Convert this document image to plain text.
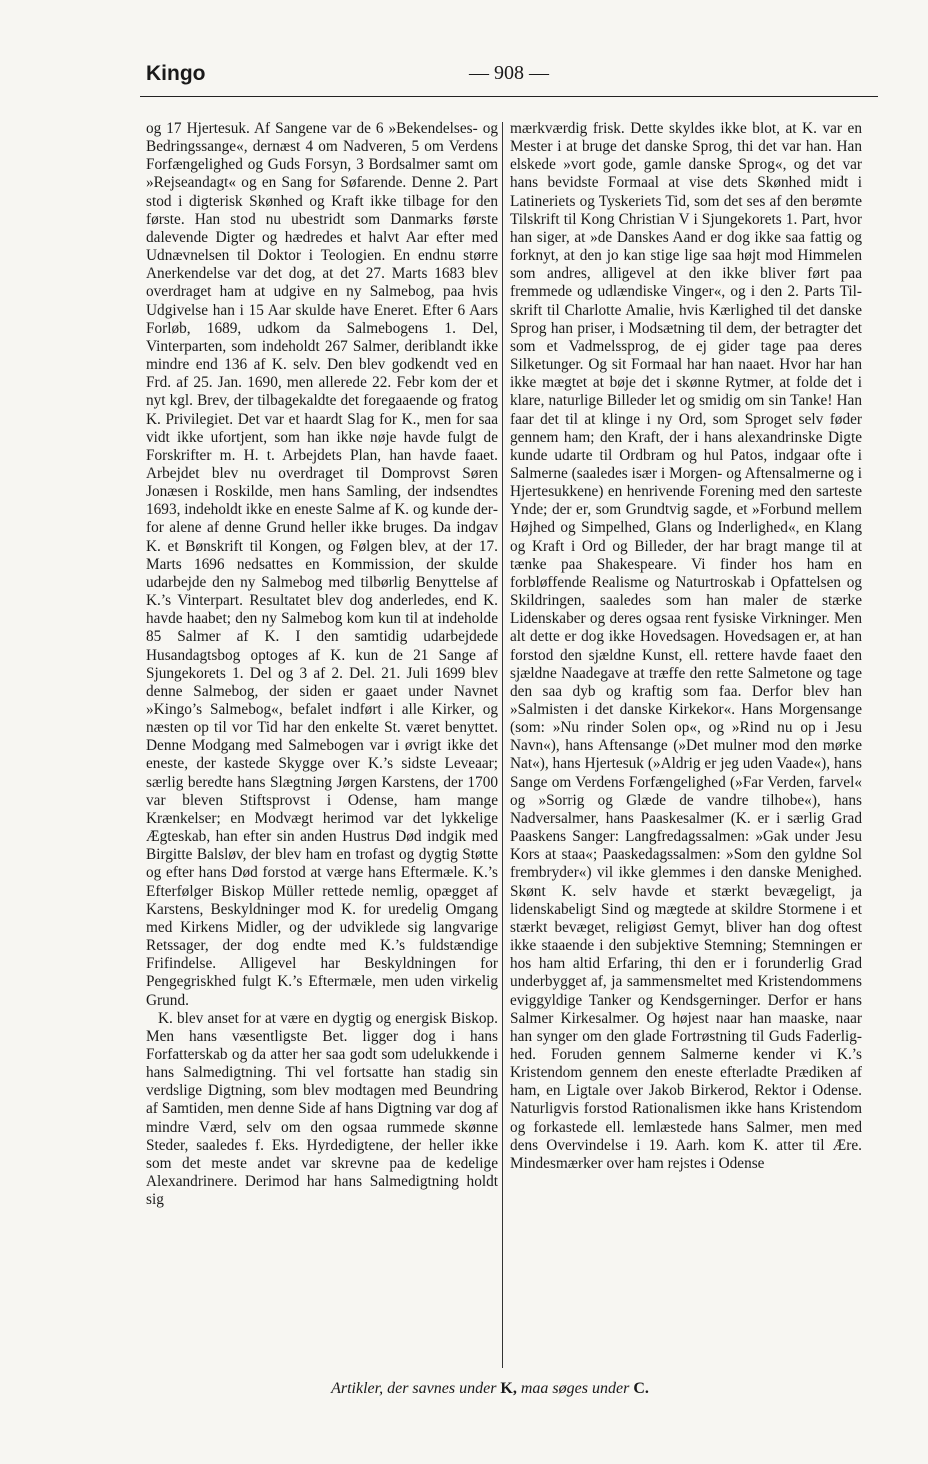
Kingo	— 908 —

og 17 Hjertesuk. Af Sangene var de 6 »Bekendelses- og Bedringssange«, dernæst 4 om Nadveren, 5 om Verdens Forfængelighed og Guds Forsyn, 3 Bordsalmer samt om »Rejseandagt« og en Sang for Søfarende. Denne 2. Part stod i digterisk Skønhed og Kraft ikke tilbage for den første. Han stod nu ubestridt som Danmarks første dalevende Digter og hædredes et halvt Aar efter med Udnævnelsen til Doktor i Teologien. En endnu større Anerkendelse var det dog, at det 27. Marts 1683 blev overdraget ham at udgive en ny Salmebog, paa hvis Udgivelse han i 15 Aar skulde have Eneret. Efter 6 Aars Forløb, 1689, udkom da Salmebogens 1. Del, Vinterparten, som indeholdt 267 Salmer, deriblandt ikke mindre end 136 af K. selv. Den blev godkendt ved en Frd. af 25. Jan. 1690, men allerede 22. Febr kom der et nyt kgl. Brev, der tilbagekaldte det foregaaende og fratog K. Privilegiet. Det var et haardt Slag for K., men for saa vidt ikke ufortjent, som han ikke nøje havde fulgt de Forskrifter m. H. t. Arbejdets Plan, han havde faaet. Arbejdet blev nu overdraget til Domprovst Søren Jonæsen i Roskilde, men hans Samling, der indsendtes 1693, indeholdt ikke en eneste Salme af K. og kunde derfor alene af denne Grund heller ikke bruges. Da indgav K. et Bønskrift til Kongen, og Følgen blev, at der 17. Marts 1696 nedsattes en Kommission, der skulde udarbejde den ny Salmebog med tilbørlig Benyttelse af K.’s Vinterpart. Resultatet blev dog anderledes, end K. havde haabet; den ny Salmebog kom kun til at indeholde 85 Salmer af K. I den samtidig udarbejdede Husandagtsbog optoges af K. kun de 21 Sange af Sjungekorets 1. Del og 3 af 2. Del. 21. Juli 1699 blev denne Salmebog, der siden er gaaet under Navnet »Kingo’s Salmebog«, befalet indført i alle Kirker, og næsten op til vor Tid har den enkelte St. været benyttet. Denne Modgang med Salmebogen var i øvrigt ikke det eneste, der kastede Skygge over K.’s sidste Leveaar; særlig beredte hans Slægtning Jørgen Karstens, der 1700 var bleven Stiftsprovst i Odense, ham mange Krænkelser; en Modvægt herimod var det lykkelige Ægteskab, han efter sin anden Hustrus Død indgik med Birgitte Balsløv, der blev ham en trofast og dygtig Støtte og efter hans Død forstod at værge hans Eftermæle. K.’s Efterfølger Biskop Müller rettede nemlig, opægget af Karstens, Beskyldninger mod K. for uredelig Omgang med Kirkens Midler, og der udviklede sig langvarige Retssager, der dog endte med K.’s fuldstændige Frifindelse. Alligevel har Beskyldningen for Pengegriskhed fulgt K.’s Eftermæle, men uden virkelig Grund.

K. blev anset for at være en dygtig og energisk Biskop. Men hans væsentligste Bet. ligger dog i hans Forfatterskab og da atter her saa godt som udelukkende i hans Salmedigtning. Thi vel fortsatte han stadig sin verdslige Digtning, som blev modtagen med Beundring af Samtiden, men denne Side af hans Digtning var dog af mindre Værd, selv om den ogsaa rummede skønne Steder, saaledes f. Eks. Hyrdedigtene, der heller ikke som det meste andet var skrevne paa de kedelige Alexandrinere. Derimod har hans Salmedigtning holdt sig

mærkværdig frisk. Dette skyldes ikke blot, at K. var en Mester i at bruge det danske Sprog, thi det var han. Han elskede »vort gode, gamle danske Sprog«, og det var hans bevidste Formaal at vise dets Skønhed midt i Latineriets og Tyskeriets Tid, som det ses af den berømte Tilskrift til Kong Christian V i Sjungekorets 1. Part, hvor han siger, at »de Danskes Aand er dog ikke saa fattig og forknyt, at den jo kan stige lige saa højt mod Himmelen som andres, alligevel at den ikke bliver ført paa fremmede og udlændiske Vinger«, og i den 2. Parts Tilskrift til Charlotte Amalie, hvis Kærlighed til det danske Sprog han priser, i Modsætning til dem, der betragter det som et Vadmelssprog, de ej gider tage paa deres Silketunger. Og sit Formaal har han naaet. Hvor har han ikke mægtet at bøje det i skønne Rytmer, at folde det i klare, naturlige Billeder let og smidig om sin Tanke! Han faar det til at klinge i ny Ord, som Sproget selv føder gennem ham; den Kraft, der i hans alexandrinske Digte kunde udarte til Ordbram og hul Patos, indgaar ofte i Salmerne (saaledes især i Morgen- og Aftensalmerne og i Hjertesukkene) en henrivende Forening med den sarteste Ynde; der er, som Grundtvig sagde, et »Forbund mellem Højhed og Simpelhed, Glans og Inderlighed«, en Klang og Kraft i Ord og Billeder, der har bragt mange til at tænke paa Shakespeare. Vi finder hos ham en forbløffende Realisme og Naturtroskab i Opfattelsen og Skildringen, saaledes som han maler de stærke Lidenskaber og deres ogsaa rent fysiske Virkninger. Men alt dette er dog ikke Hovedsagen. Hovedsagen er, at han forstod den sjældne Kunst, ell. rettere havde faaet den sjældne Naadegave at træffe den rette Salmetone og tage den saa dyb og kraftig som faa. Derfor blev han »Salmisten i det danske Kirkekor«. Hans Morgensange (som: »Nu rinder Solen op«, og »Rind nu op i Jesu Navn«), hans Aftensange (»Det mulner mod den mørke Nat«), hans Hjertesuk (»Aldrig er jeg uden Vaade«), hans Sange om Verdens Forfængelighed (»Far Verden, farvel« og »Sorrig og Glæde de vandre tilhobe«), hans Nadversalmer, hans Paaskesalmer (K. er i særlig Grad Paaskens Sanger: Langfredagssalmen: »Gak under Jesu Kors at staa«; Paaskedagssalmen: »Som den gyldne Sol frembryder«) vil ikke glemmes i den danske Menighed. Skønt K. selv havde et stærkt bevægeligt, ja lidenskabeligt Sind og mægtede at skildre Stormene i et stærkt bevæget, religiøst Gemyt, bliver han dog oftest ikke staaende i den subjektive Stemning; Stemningen er hos ham altid Erfaring, thi den er i forunderlig Grad underbygget af, ja sammensmeltet med Kristendommens eviggyldige Tanker og Kendsgerninger. Derfor er hans Salmer Kirkesalmer. Og højest naar han maaske, naar han synger om den glade Fortrøstning til Guds Faderlighed. Foruden gennem Salmerne kender vi K.’s Kristendom gennem den eneste efterladte Prædiken af ham, en Ligtale over Jakob Birkerod, Rektor i Odense. Naturligvis forstod Rationalismen ikke hans Kristendom og forkastede ell. lemlæstede hans Salmer, men med dens Overvindelse i 19. Aarh. kom K. atter til Ære. Mindesmærker over ham rejstes i Odense

Artikler, der savnes under K, maa søges under C.
